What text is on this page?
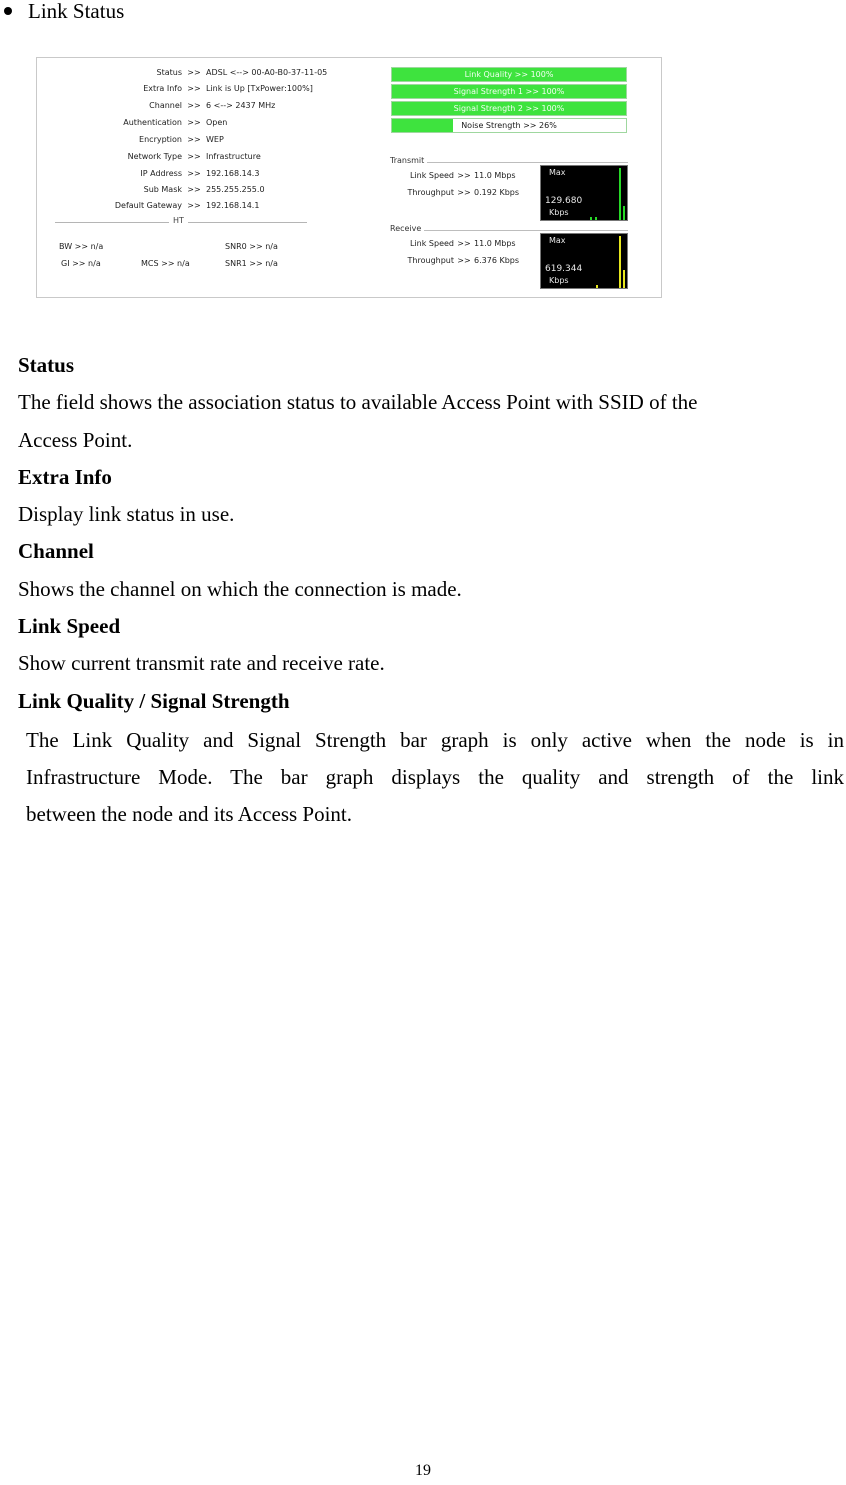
Link Status
Status >> ADSL <--> 00-A0-B0-37-11-05
Extra Info >> Link is Up [TxPower:100%]
Channel >> 6 <--> 2437 MHz
Authentication >> Open
Encryption >> WEP
Network Type >> Infrastructure
IP Address >> 192.168.14.3
Sub Mask >> 255.255.255.0
Default Gateway >> 192.168.14.1
HT
BW >> n/a
GI >> n/a	MCS >> n/a
SNR0 >> n/a
SNR1 >> n/a
Link Quality >> 100%
Signal Strength 1 >> 100%
Signal Strength 2 >> 100%
Noise Strength >> 26%
Transmit
Link Speed >> 11.0 Mbps
Throughput >> 0.192 Kbps
Max
129.680
Kbps
Receive
Link Speed >> 11.0 Mbps
Throughput >> 6.376 Kbps
Max
619.344
Kbps
Status
The field shows the association status to available Access Point with SSID of the
Access Point.
Extra Info
Display link status in use.
Channel
Shows the channel on which the connection is made.
Link Speed
Show current transmit rate and receive rate.
Link Quality / Signal Strength
The Link Quality and Signal Strength bar graph is only active when the node is in
Infrastructure Mode. The bar graph displays the quality and strength of the link
between the node and its Access Point.
19
